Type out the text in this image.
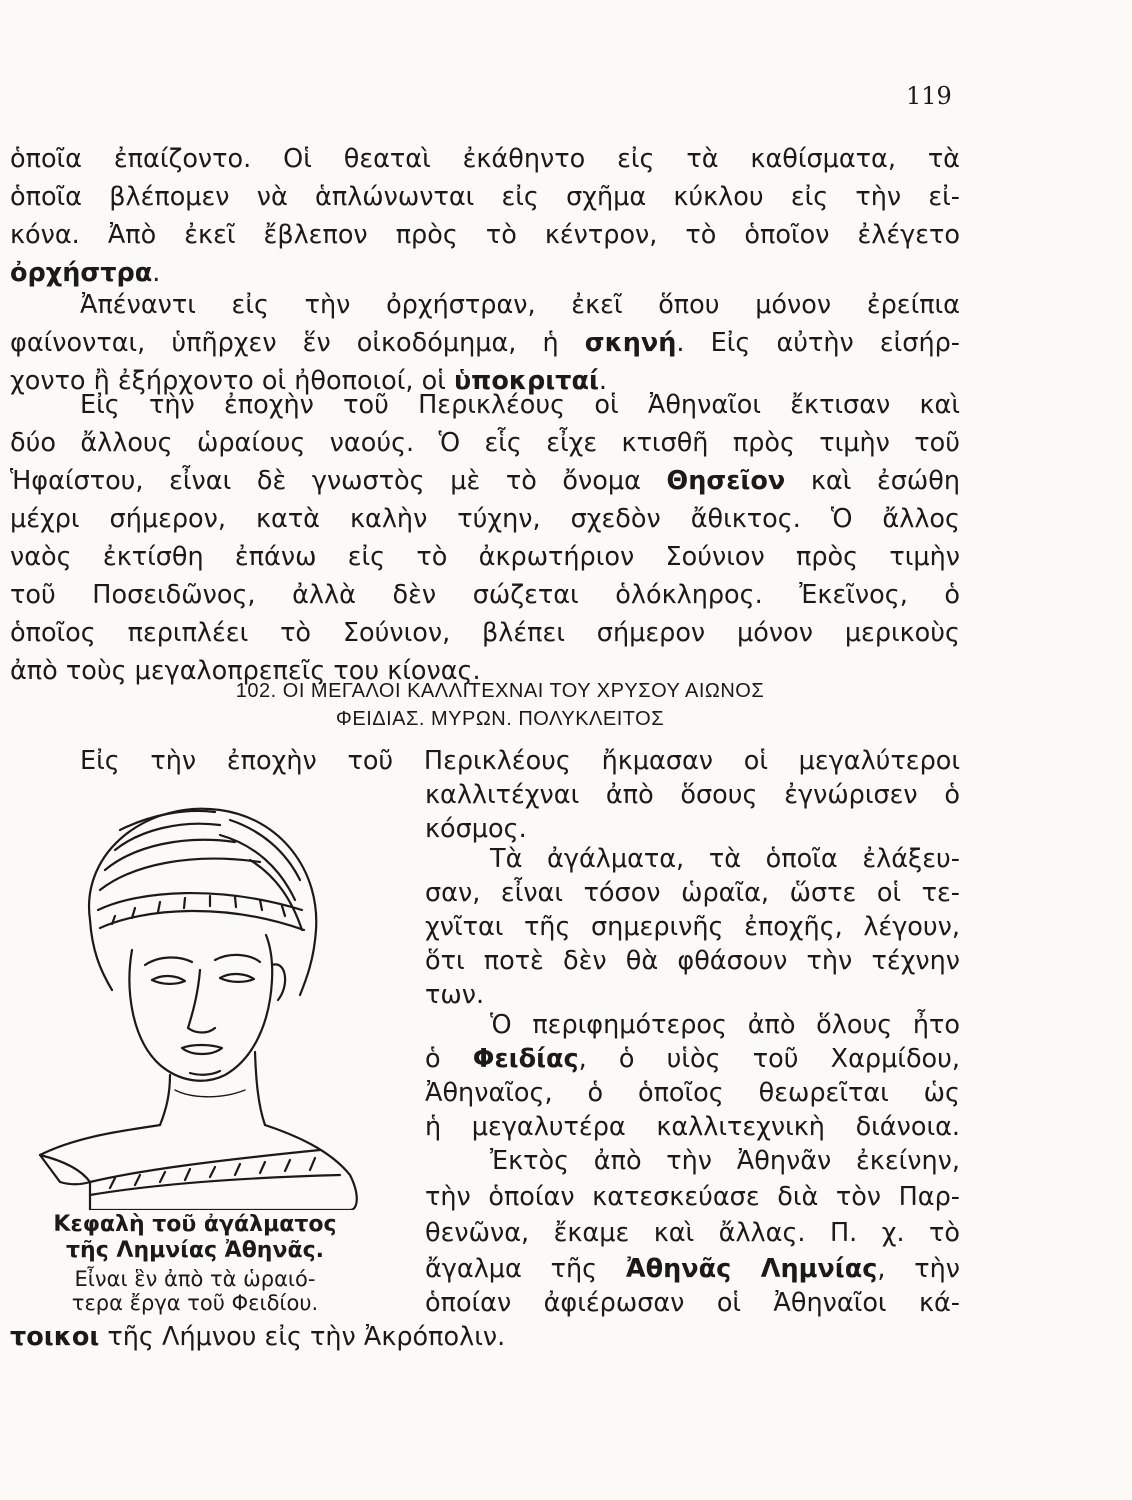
119
ὁποῖα ἐπαίζοντο. Οἱ θεαταὶ ἐκάθηντο εἰς τὰ καθίσματα, τὰ
ὁποῖα βλέπομεν νὰ ἁπλώνωνται εἰς σχῆμα κύκλου εἰς τὴν εἰ-
κόνα. Ἀπὸ ἐκεῖ ἔβλεπον πρὸς τὸ κέντρον, τὸ ὁποῖον ἐλέγετο
ὀρχήστρα.
Ἀπέναντι εἰς τὴν ὀρχήστραν, ἐκεῖ ὅπου μόνον ἐρείπια
φαίνονται, ὑπῆρχεν ἕν οἰκοδόμημα, ἡ σκηνή. Εἰς αὐτὴν εἰσήρ-
χοντο ἢ ἐξήρχοντο οἱ ἠθοποιοί, οἱ ὑποκριταί.
Εἰς τὴν ἐποχὴν τοῦ Περικλέους οἱ Ἀθηναῖοι ἔκτισαν καὶ
δύο ἄλλους ὡραίους ναούς. Ὁ εἷς εἶχε κτισθῆ πρὸς τιμὴν τοῦ
Ἡφαίστου, εἶναι δὲ γνωστὸς μὲ τὸ ὄνομα Θησεῖον καὶ ἐσώθη
μέχρι σήμερον, κατὰ καλὴν τύχην, σχεδὸν ἄθικτος. Ὁ ἄλλος
ναὸς ἐκτίσθη ἐπάνω εἰς τὸ ἀκρωτήριον Σούνιον πρὸς τιμὴν
τοῦ Ποσειδῶνος, ἀλλὰ δὲν σώζεται ὁλόκληρος. Ἐκεῖνος, ὁ
ὁποῖος περιπλέει τὸ Σούνιον, βλέπει σήμερον μόνον μερικοὺς
ἀπὸ τοὺς μεγαλοπρεπεῖς του κίονας.
102. ΟΙ ΜΕΓΑΛΟΙ ΚΑΛΛΙΤΕΧΝΑΙ ΤΟΥ ΧΡΥΣΟΥ ΑΙΩΝΟΣ
ΦΕΙΔΙΑΣ. ΜΥΡΩΝ. ΠΟΛΥΚΛΕΙΤΟΣ
Εἰς τὴν ἐποχὴν τοῦ Περικλέους ἤκμασαν οἱ μεγαλύτεροι
καλλιτέχναι ἀπὸ ὅσους ἐγνώρισεν ὁ
κόσμος.
Τὰ ἀγάλματα, τὰ ὁποῖα ἐλάξευ-
σαν, εἶναι τόσον ὡραῖα, ὥστε οἱ τε-
χνῖται τῆς σημερινῆς ἐποχῆς, λέγουν,
ὅτι ποτὲ δὲν θὰ φθάσουν τὴν τέχνην
των.
Ὁ περιφημότερος ἀπὸ ὅλους ἦτο
ὁ Φειδίας, ὁ υἱὸς τοῦ Χαρμίδου,
Ἀθηναῖος, ὁ ὁποῖος θεωρεῖται ὡς
ἡ μεγαλυτέρα καλλιτεχνικὴ διάνοια.
Ἐκτὸς ἀπὸ τὴν Ἀθηνᾶν ἐκείνην,
τὴν ὁποίαν κατεσκεύασε διὰ τὸν Παρ-
θενῶνα, ἔκαμε καὶ ἄλλας. Π. χ. τὸ
ἄγαλμα τῆς Ἀθηνᾶς Λημνίας, τὴν
ὁποίαν ἀφιέρωσαν οἱ Ἀθηναῖοι κά-
τοικοι τῆς Λήμνου εἰς τὴν Ἀκρόπολιν.
Κεφαλὴ τοῦ ἀγάλματος
τῆς Λημνίας Ἀθηνᾶς.
Εἶναι ἓν ἀπὸ τὰ ὡραιό-
τερα ἔργα τοῦ Φειδίου.
